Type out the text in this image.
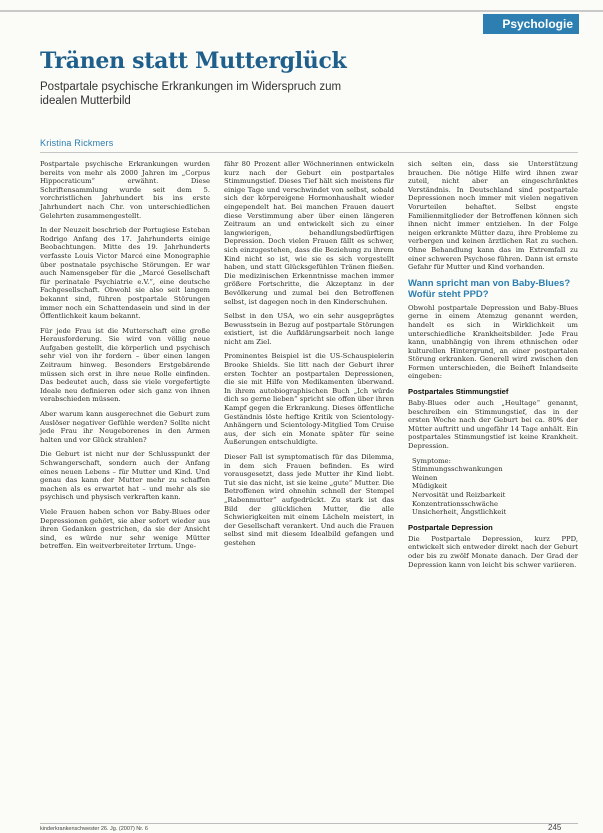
Psychologie
Tränen statt Mutterglück
Postpartale psychische Erkrankungen im Widerspruch zum idealen Mutterbild
Kristina Rickmers

Postpartale psychische Erkrankungen wurden bereits von mehr als 2000 Jahren im „Corpus Hippocraticum“ erwähnt. Diese Schriftensammlung wurde seit dem 5. vorchristlichen Jahrhundert bis ins erste Jahrhundert nach Chr. von unterschiedlichen Gelehrten zusammengestellt.

In der Neuzeit beschrieb der Portugiese Esteban Rodrigo Anfang des 17. Jahrhunderts einige Beobachtungen. Mitte des 19. Jahrhunderts verfasste Louis Victor Marcé eine Monographie über postnatale psychische Störungen. Er war auch Namensgeber für die „Marcé Gesellschaft für perinatale Psychiatrie e.V.“, eine deutsche Fachgesellschaft. Obwohl sie also seit langem bekannt sind, führen postpartale Störungen immer noch ein Schattendasein und sind in der Öffentlichkeit kaum bekannt.

Für jede Frau ist die Mutterschaft eine große Herausforderung. Sie wird von völlig neue Aufgaben gestellt, die körperlich und psychisch sehr viel von ihr fordern – über einen langen Zeitraum hinweg. Besonders Erstgebärende müssen sich erst in ihre neue Rolle einfinden. Das bedeutet auch, dass sie viele vorgefertigte Ideale neu definieren oder sich ganz von ihnen verabschieden müssen.

Aber warum kann ausgerechnet die Geburt zum Auslöser negativer Gefühle werden? Sollte nicht jede Frau ihr Neugeborenes in den Armen halten und vor Glück strahlen?

Die Geburt ist nicht nur der Schlusspunkt der Schwangerschaft, sondern auch der Anfang eines neuen Lebens – für Mutter und Kind. Und genau das kann der Mutter mehr zu schaffen machen als es erwartet hat – und mehr als sie psychisch und physisch verkraften kann.

Viele Frauen haben schon vor Baby-Blues oder Depressionen gehört, sie aber sofort wieder aus ihren Gedanken gestrichen, da sie der Ansicht sind, es würde nur sehr wenige Mütter betreffen. Ein weitverbreiteter Irrtum. Unge-

fähr 80 Prozent aller Wöchnerinnen entwickeln kurz nach der Geburt ein postpartales Stimmungstief. Dieses Tief hält sich meistens für einige Tage und verschwindet von selbst, sobald sich der körpereigene Hormonhaushalt wieder eingependelt hat. Bei manchen Frauen dauert diese Verstimmung aber über einen längeren Zeitraum an und entwickelt sich zu einer langwierigen, behandlungsbedürftigen Depression. Doch vielen Frauen fällt es schwer, sich einzugestehen, dass die Beziehung zu ihrem Kind nicht so ist, wie sie es sich vorgestellt haben, und statt Glücksgefühlen Tränen fließen. Die medizinischen Erkenntnisse machen immer größere Fortschritte, die Akzeptanz in der Bevölkerung und zumal bei den Betroffenen selbst, ist dagegen noch in den Kinderschuhen.

Selbst in den USA, wo ein sehr ausgeprägtes Bewusstsein in Bezug auf postpartale Störungen existiert, ist die Aufklärungsarbeit noch lange nicht am Ziel.

Prominentes Beispiel ist die US-Schauspielerin Brooke Shields. Sie litt nach der Geburt ihrer ersten Tochter an postpartalen Depressionen, die sie mit Hilfe von Medikamenten überwand. In ihrem autobiographischen Buch „Ich würde dich so gerne lieben“ spricht sie offen über ihren Kampf gegen die Erkrankung. Dieses öffentliche Geständnis löste heftige Kritik von Scientology-Anhängern und Scientology-Mitglied Tom Cruise aus, der sich ein Monate später für seine Äußerungen entschuldigte.

Dieser Fall ist symptomatisch für das Dilemma, in dem sich Frauen befinden. Es wird vorausgesetzt, dass jede Mutter ihr Kind liebt. Tut sie das nicht, ist sie keine „gute“ Mutter. Die Betroffenen wird ohnehin schnell der Stempel „Rabenmutter“ aufgedrückt. Zu stark ist das Bild der glücklichen Mutter, die alle Schwierigkeiten mit einem Lächeln meistert, in der Gesellschaft verankert. Und auch die Frauen selbst sind mit diesem Idealbild gefangen und gestehen

sich selten ein, dass sie Unterstützung brauchen. Die nötige Hilfe wird ihnen zwar zuteil, nicht aber an eingeschränktes Verständnis. In Deutschland sind postpartale Depressionen noch immer mit vielen negativen Vorurteilen behaftet. Selbst engste Familienmitglieder der Betroffenen können sich ihnen nicht immer entziehen. In der Folge neigen erkrankte Mütter dazu, ihre Probleme zu verbergen und keinen ärztlichen Rat zu suchen. Ohne Behandlung kann das im Extremfall zu einer schweren Psychose führen. Dann ist ernste Gefahr für Mutter und Kind vorhanden.

Wann spricht man von Baby-Blues? Wofür steht PPD?

Obwohl postpartale Depression und Baby-Blues gerne in einem Atemzug genannt werden, handelt es sich in Wirklichkeit um unterschiedliche Krankheitsbilder. Jede Frau kann, unabhängig von ihrem ethnischen oder kulturellen Hintergrund, an einer postpartalen Störung erkranken. Generell wird zwischen den Formen unterschieden, die Beiheft Inlandseite eingeben:

Postpartales Stimmungstief

Baby-Blues oder auch „Heultage“ genannt, beschreiben ein Stimmungstief, das in der ersten Woche nach der Geburt bei ca. 80% der Mütter auftritt und ungefähr 14 Tage anhält. Ein postpartales Stimmungstief ist keine Krankheit. Depression.

Symptome:
Stimmungsschwankungen
Weinen
Müdigkeit
Nervosität und Reizbarkeit
Konzentrationsschwäche
Unsicherheit, Ängstlichkeit
Postpartale Depression

Die Postpartale Depression, kurz PPD, entwickelt sich entweder direkt nach der Geburt oder bis zu zwölf Monate danach. Der Grad der Depression kann von leicht bis schwer variieren.

kinderkrankenschwester 26. Jg. (2007) Nr. 6	245
